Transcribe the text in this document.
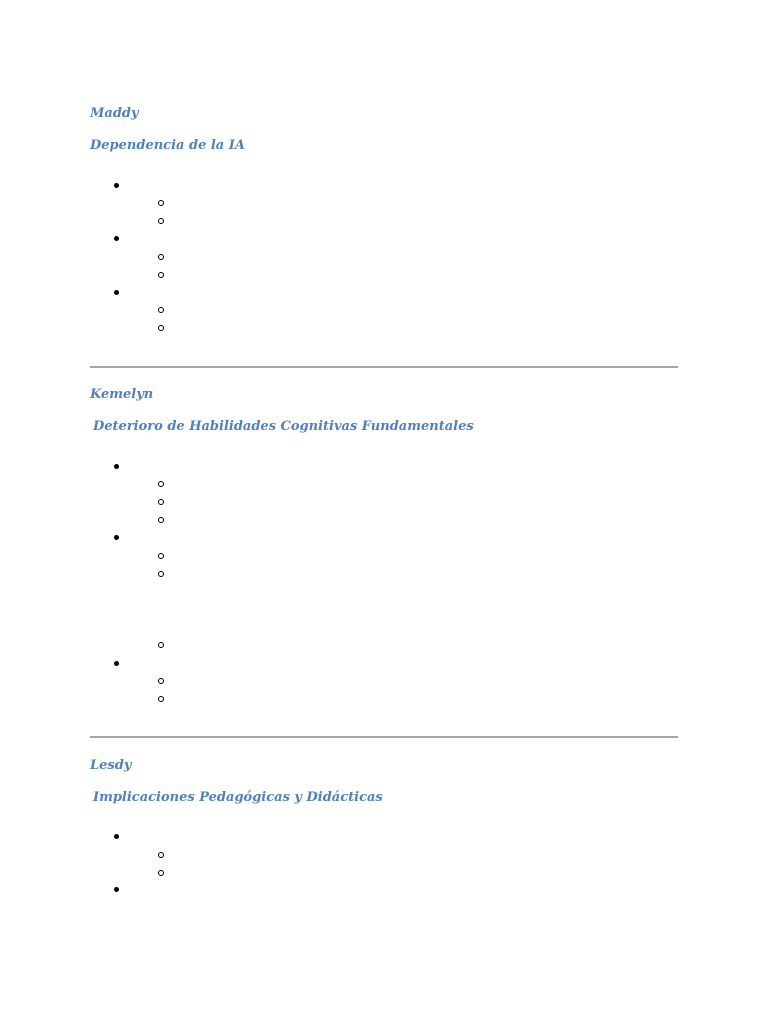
Maddy

Dependencia de la IA

Kemelyn

Deterioro de Habilidades Cognitivas Fundamentales

Lesdy

Implicaciones Pedagógicas y Didácticas
